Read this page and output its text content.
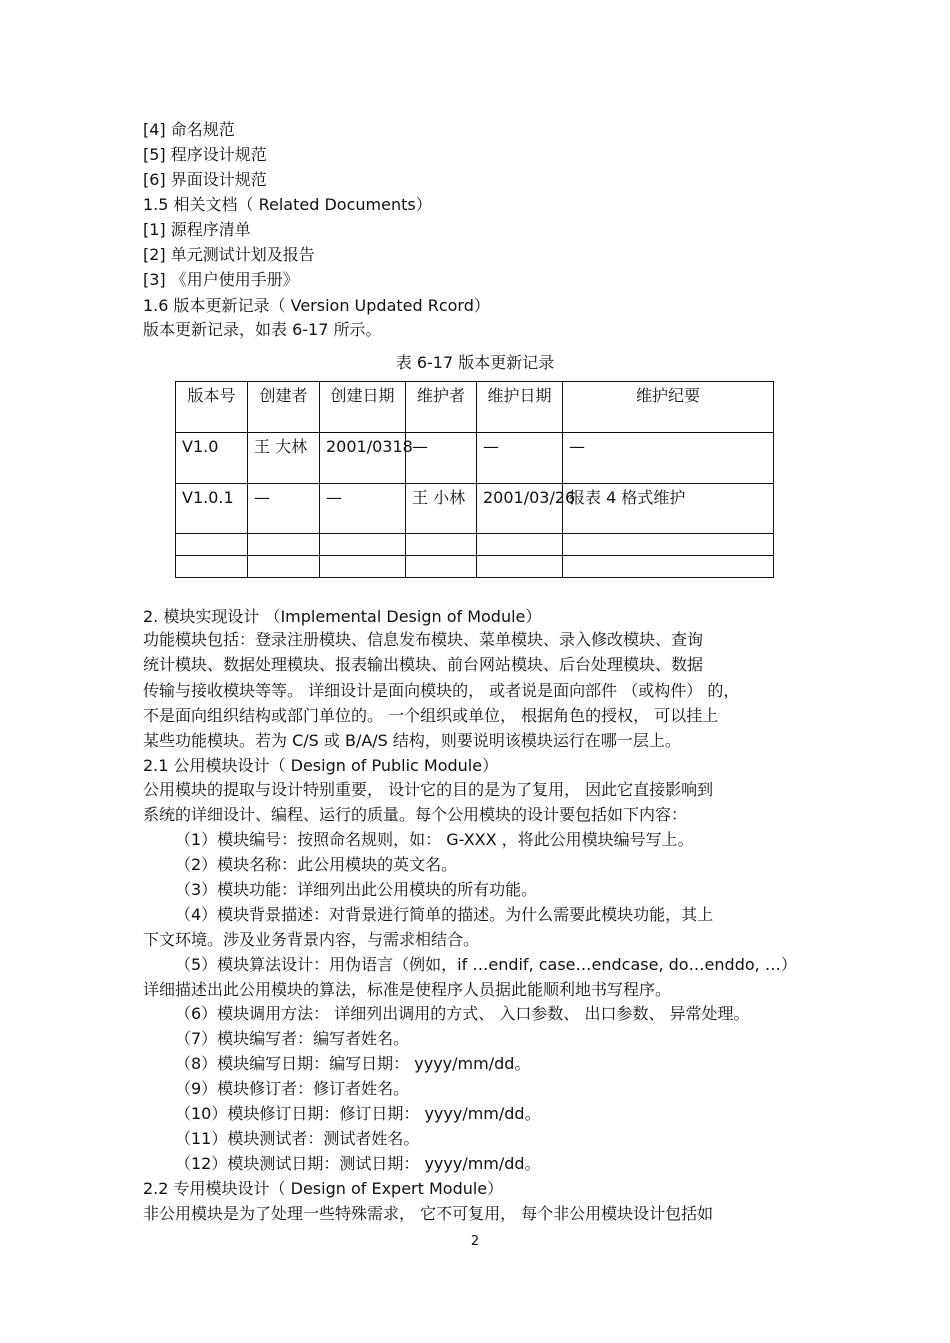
[4] 命名规范
[5] 程序设计规范
[6] 界面设计规范
1.5 相关文档（ Related Documents）
[1] 源程序清单
[2] 单元测试计划及报告
[3] 《用户使用手册》
1.6 版本更新记录（ Version Updated Rcord）
版本更新记录，如表 6-17 所示。
表 6-17 版本更新记录
版本号	创建者	创建日期	维护者	维护日期	维护纪要
V1.0	王 大林	2001/0318	—	—	—
V1.0.1	—	—	王 小林	2001/03/26	报表 4 格式维护

2. 模块实现设计 （Implemental Design of Module）
功能模块包括：登录注册模块、信息发布模块、菜单模块、录入修改模块、查询
统计模块、数据处理模块、报表输出模块、前台网站模块、后台处理模块、数据
传输与接收模块等等。 详细设计是面向模块的， 或者说是面向部件 （或构件） 的，
不是面向组织结构或部门单位的。 一个组织或单位， 根据角色的授权， 可以挂上
某些功能模块。若为 C/S 或 B/A/S 结构，则要说明该模块运行在哪一层上。
2.1 公用模块设计（ Design of Public Module）
公用模块的提取与设计特别重要， 设计它的目的是为了复用， 因此它直接影响到
系统的详细设计、编程、运行的质量。每个公用模块的设计要包括如下内容：
（1）模块编号：按照命名规则，如： G-XXX ，将此公用模块编号写上。
（2）模块名称：此公用模块的英文名。
（3）模块功能：详细列出此公用模块的所有功能。
（4）模块背景描述：对背景进行简单的描述。为什么需要此模块功能，其上
下文环境。涉及业务背景内容，与需求相结合。
（5）模块算法设计：用伪语言（例如，if …endif, case…endcase, do…enddo, …）
详细描述出此公用模块的算法，标准是使程序人员据此能顺利地书写程序。
（6）模块调用方法： 详细列出调用的方式、 入口参数、 出口参数、 异常处理。
（7）模块编写者：编写者姓名。
（8）模块编写日期：编写日期： yyyy/mm/dd。
（9）模块修订者：修订者姓名。
（10）模块修订日期：修订日期： yyyy/mm/dd。
（11）模块测试者：测试者姓名。
（12）模块测试日期：测试日期： yyyy/mm/dd。
2.2 专用模块设计（ Design of Expert Module）
非公用模块是为了处理一些特殊需求， 它不可复用， 每个非公用模块设计包括如
2
